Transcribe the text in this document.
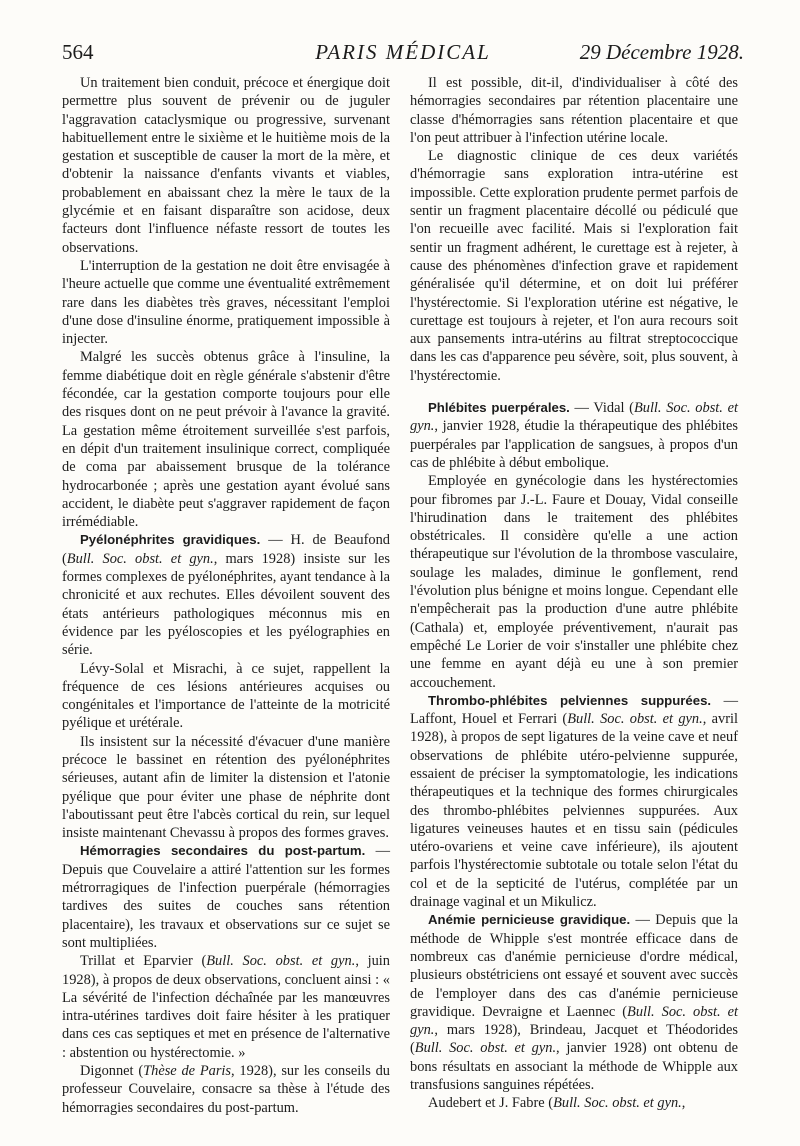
564	PARIS MÉDICAL	29 Décembre 1928.

Un traitement bien conduit, précoce et énergique doit permettre plus souvent de prévenir ou de juguler l'aggravation cataclysmique ou progressive, survenant habituellement entre le sixième et le huitième mois de la gestation et susceptible de causer la mort de la mère, et d'obtenir la naissance d'enfants vivants et viables, probablement en abaissant chez la mère le taux de la glycémie et en faisant disparaître son acidose, deux facteurs dont l'influence néfaste ressort de toutes les observations.

L'interruption de la gestation ne doit être envisagée à l'heure actuelle que comme une éventualité extrêmement rare dans les diabètes très graves, nécessitant l'emploi d'une dose d'insuline énorme, pratiquement impossible à injecter.

Malgré les succès obtenus grâce à l'insuline, la femme diabétique doit en règle générale s'abstenir d'être fécondée, car la gestation comporte toujours pour elle des risques dont on ne peut prévoir à l'avance la gravité. La gestation même étroitement surveillée s'est parfois, en dépit d'un traitement insulinique correct, compliquée de coma par abaissement brusque de la tolérance hydrocarbonée ; après une gestation ayant évolué sans accident, le diabète peut s'aggraver rapidement de façon irrémédiable.

Pyélonéphrites gravidiques. — H. de Beaufond (Bull. Soc. obst. et gyn., mars 1928) insiste sur les formes complexes de pyélonéphrites, ayant tendance à la chronicité et aux rechutes. Elles dévoilent souvent des états antérieurs pathologiques méconnus mis en évidence par les pyéloscopies et les pyélographies en série.

Lévy-Solal et Misrachi, à ce sujet, rappellent la fréquence de ces lésions antérieures acquises ou congénitales et l'importance de l'atteinte de la motricité pyélique et urétérale.

Ils insistent sur la nécessité d'évacuer d'une manière précoce le bassinet en rétention des pyélonéphrites sérieuses, autant afin de limiter la distension et l'atonie pyélique que pour éviter une phase de néphrite dont l'aboutissant peut être l'abcès cortical du rein, sur lequel insiste maintenant Chevassu à propos des formes graves.

Hémorragies secondaires du post-partum. — Depuis que Couvelaire a attiré l'attention sur les formes métrorragiques de l'infection puerpérale (hémorragies tardives des suites de couches sans rétention placentaire), les travaux et observations sur ce sujet se sont multipliées.

Trillat et Eparvier (Bull. Soc. obst. et gyn., juin 1928), à propos de deux observations, concluent ainsi : « La sévérité de l'infection déchaînée par les manœuvres intra-utérines tardives doit faire hésiter à les pratiquer dans ces cas septiques et met en présence de l'alternative : abstention ou hystérectomie. »

Digonnet (Thèse de Paris, 1928), sur les conseils du professeur Couvelaire, consacre sa thèse à l'étude des hémorragies secondaires du post-partum.

Il est possible, dit-il, d'individualiser à côté des hémorragies secondaires par rétention placentaire une classe d'hémorragies sans rétention placentaire et que l'on peut attribuer à l'infection utérine locale.

Le diagnostic clinique de ces deux variétés d'hémorragie sans exploration intra-utérine est impossible. Cette exploration prudente permet parfois de sentir un fragment placentaire décollé ou pédiculé que l'on recueille avec facilité. Mais si l'exploration fait sentir un fragment adhérent, le curettage est à rejeter, à cause des phénomènes d'infection grave et rapidement généralisée qu'il détermine, et on doit lui préférer l'hystérectomie. Si l'exploration utérine est négative, le curettage est toujours à rejeter, et l'on aura recours soit aux pansements intra-utérins au filtrat streptococcique dans les cas d'apparence peu sévère, soit, plus souvent, à l'hystérectomie.

Phlébites puerpérales. — Vidal (Bull. Soc. obst. et gyn., janvier 1928, étudie la thérapeutique des phlébites puerpérales par l'application de sangsues, à propos d'un cas de phlébite à début embolique.

Employée en gynécologie dans les hystérectomies pour fibromes par J.-L. Faure et Douay, Vidal conseille l'hirudination dans le traitement des phlébites obstétricales. Il considère qu'elle a une action thérapeutique sur l'évolution de la thrombose vasculaire, soulage les malades, diminue le gonflement, rend l'évolution plus bénigne et moins longue. Cependant elle n'empêcherait pas la production d'une autre phlébite (Cathala) et, employée préventivement, n'aurait pas empêché Le Lorier de voir s'installer une phlébite chez une femme en ayant déjà eu une à son premier accouchement.

Thrombo-phlébites pelviennes suppurées. — Laffont, Houel et Ferrari (Bull. Soc. obst. et gyn., avril 1928), à propos de sept ligatures de la veine cave et neuf observations de phlébite utéro-pelvienne suppurée, essaient de préciser la symptomatologie, les indications thérapeutiques et la technique des formes chirurgicales des thrombo-phlébites pelviennes suppurées. Aux ligatures veineuses hautes et en tissu sain (pédicules utéro-ovariens et veine cave inférieure), ils ajoutent parfois l'hystérectomie subtotale ou totale selon l'état du col et de la septicité de l'utérus, complétée par un drainage vaginal et un Mikulicz.

Anémie pernicieuse gravidique. — Depuis que la méthode de Whipple s'est montrée efficace dans de nombreux cas d'anémie pernicieuse d'ordre médical, plusieurs obstétriciens ont essayé et souvent avec succès de l'employer dans des cas d'anémie pernicieuse gravidique. Devraigne et Laennec (Bull. Soc. obst. et gyn., mars 1928), Brindeau, Jacquet et Théodorides (Bull. Soc. obst. et gyn., janvier 1928) ont obtenu de bons résultats en associant la méthode de Whipple aux transfusions sanguines répétées.

Audebert et J. Fabre (Bull. Soc. obst. et gyn.,
